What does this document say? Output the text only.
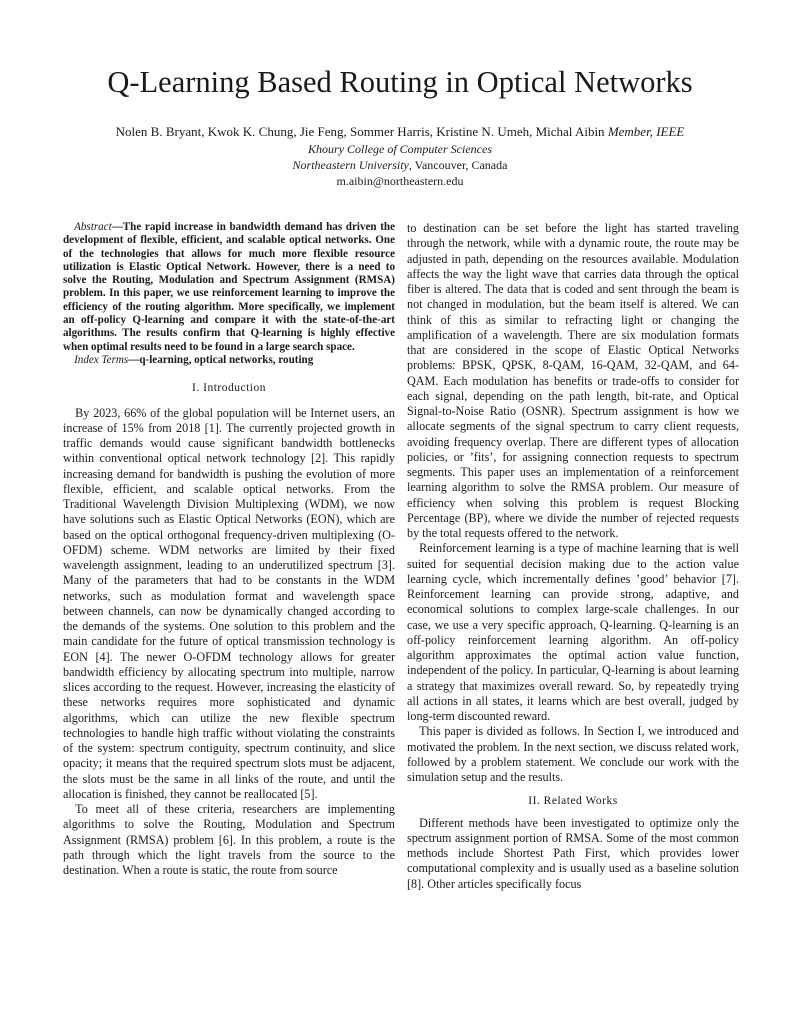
Q-Learning Based Routing in Optical Networks
Nolen B. Bryant, Kwok K. Chung, Jie Feng, Sommer Harris, Kristine N. Umeh, Michal Aibin Member, IEEE
Khoury College of Computer Sciences
Northeastern University, Vancouver, Canada
m.aibin@northeastern.edu

Abstract—The rapid increase in bandwidth demand has driven the development of flexible, efficient, and scalable optical networks. One of the technologies that allows for much more flexible resource utilization is Elastic Optical Network. However, there is a need to solve the Routing, Modulation and Spectrum Assignment (RMSA) problem. In this paper, we use reinforcement learning to improve the efficiency of the routing algorithm. More specifically, we implement an off-policy Q-learning and compare it with the state-of-the-art algorithms. The results confirm that Q-learning is highly effective when optimal results need to be found in a large search space.

Index Terms—q-learning, optical networks, routing

I. Introduction

By 2023, 66% of the global population will be Internet users, an increase of 15% from 2018 [1]. The currently projected growth in traffic demands would cause significant bandwidth bottlenecks within conventional optical network technology [2]. This rapidly increasing demand for bandwidth is pushing the evolution of more flexible, efficient, and scalable optical networks. From the Traditional Wavelength Division Multiplexing (WDM), we now have solutions such as Elastic Optical Networks (EON), which are based on the optical orthogonal frequency-driven multiplexing (O-OFDM) scheme. WDM networks are limited by their fixed wavelength assignment, leading to an underutilized spectrum [3]. Many of the parameters that had to be constants in the WDM networks, such as modulation format and wavelength space between channels, can now be dynamically changed according to the demands of the systems. One solution to this problem and the main candidate for the future of optical transmission technology is EON [4]. The newer O-OFDM technology allows for greater bandwidth efficiency by allocating spectrum into multiple, narrow slices according to the request. However, increasing the elasticity of these networks requires more sophisticated and dynamic algorithms, which can utilize the new flexible spectrum technologies to handle high traffic without violating the constraints of the system: spectrum contiguity, spectrum continuity, and slice opacity; it means that the required spectrum slots must be adjacent, the slots must be the same in all links of the route, and until the allocation is finished, they cannot be reallocated [5].

To meet all of these criteria, researchers are implementing algorithms to solve the Routing, Modulation and Spectrum Assignment (RMSA) problem [6]. In this problem, a route is the path through which the light travels from the source to the destination. When a route is static, the route from source

to destination can be set before the light has started traveling through the network, while with a dynamic route, the route may be adjusted in path, depending on the resources available. Modulation affects the way the light wave that carries data through the optical fiber is altered. The data that is coded and sent through the beam is not changed in modulation, but the beam itself is altered. We can think of this as similar to refracting light or changing the amplification of a wavelength. There are six modulation formats that are considered in the scope of Elastic Optical Networks problems: BPSK, QPSK, 8-QAM, 16-QAM, 32-QAM, and 64-QAM. Each modulation has benefits or trade-offs to consider for each signal, depending on the path length, bit-rate, and Optical Signal-to-Noise Ratio (OSNR). Spectrum assignment is how we allocate segments of the signal spectrum to carry client requests, avoiding frequency overlap. There are different types of allocation policies, or ’fits’, for assigning connection requests to spectrum segments. This paper uses an implementation of a reinforcement learning algorithm to solve the RMSA problem. Our measure of efficiency when solving this problem is request Blocking Percentage (BP), where we divide the number of rejected requests by the total requests offered to the network.

Reinforcement learning is a type of machine learning that is well suited for sequential decision making due to the action value learning cycle, which incrementally defines ’good’ behavior [7]. Reinforcement learning can provide strong, adaptive, and economical solutions to complex large-scale challenges. In our case, we use a very specific approach, Q-learning. Q-learning is an off-policy reinforcement learning algorithm. An off-policy algorithm approximates the optimal action value function, independent of the policy. In particular, Q-learning is about learning a strategy that maximizes overall reward. So, by repeatedly trying all actions in all states, it learns which are best overall, judged by long-term discounted reward.

This paper is divided as follows. In Section I, we introduced and motivated the problem. In the next section, we discuss related work, followed by a problem statement. We conclude our work with the simulation setup and the results.

II. Related Works

Different methods have been investigated to optimize only the spectrum assignment portion of RMSA. Some of the most common methods include Shortest Path First, which provides lower computational complexity and is usually used as a baseline solution [8]. Other articles specifically focus
